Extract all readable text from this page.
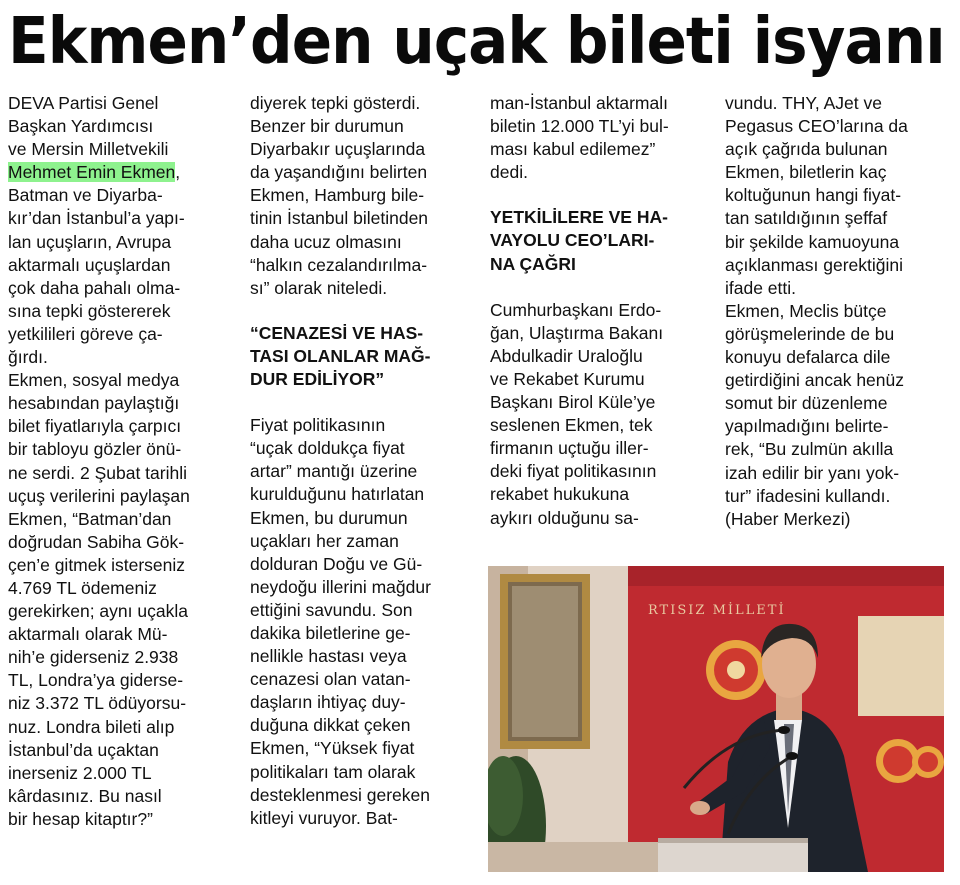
Ekmen’den uçak bileti isyanı

DEVA Partisi Genel
Başkan Yardımcısı
ve Mersin Milletvekili
Mehmet Emin Ekmen,
Batman ve Diyarba-
kır’dan İstanbul’a yapı-
lan uçuşların, Avrupa
aktarmalı uçuşlardan
çok daha pahalı olma-
sına tepki göstererek
yetkilileri göreve ça-
ğırdı.

Ekmen, sosyal medya
hesabından paylaştığı
bilet fiyatlarıyla çarpıcı
bir tabloyu gözler önü-
ne serdi. 2 Şubat tarihli
uçuş verilerini paylaşan
Ekmen, “Batman’dan
doğrudan Sabiha Gök-
çen’e gitmek isterseniz
4.769 TL ödemeniz
gerekirken; aynı uçakla
aktarmalı olarak Mü-
nih’e giderseniz 2.938
TL, Londra’ya giderse-
niz 3.372 TL ödüyorsu-
nuz. Londra bileti alıp
İstanbul’da uçaktan
inerseniz 2.000 TL
kârdasınız. Bu nasıl
bir hesap kitaptır?”

diyerek tepki gösterdi.
Benzer bir durumun
Diyarbakır uçuşlarında
da yaşandığını belirten
Ekmen, Hamburg bile-
tinin İstanbul biletinden
daha ucuz olmasını
“halkın cezalandırılma-
sı” olarak niteledi.

“CENAZESİ VE HAS-
TASI OLANLAR MAĞ-
DUR EDİLİYOR”

Fiyat politikasının
“uçak doldukça fiyat
artar” mantığı üzerine
kurulduğunu hatırlatan
Ekmen, bu durumun
uçakları her zaman
dolduran Doğu ve Gü-
neydoğu illerini mağdur
ettiğini savundu. Son
dakika biletlerine ge-
nellikle hastası veya
cenazesi olan vatan-
daşların ihtiyaç duy-
duğuna dikkat çeken
Ekmen, “Yüksek fiyat
politikaları tam olarak
desteklenmesi gereken
kitleyi vuruyor. Bat-

man-İstanbul aktarmalı
biletin 12.000 TL’yi bul-
ması kabul edilemez”
dedi.

YETKİLİLERE VE HA-
VAYOLU CEO’LARI-
NA ÇAĞRI

Cumhurbaşkanı Erdo-
ğan, Ulaştırma Bakanı
Abdulkadir Uraloğlu
ve Rekabet Kurumu
Başkanı Birol Küle’ye
seslenen Ekmen, tek
firmanın uçtuğu iller-
deki fiyat politikasının
rekabet hukukuna
aykırı olduğunu sa-

vundu. THY, AJet ve
Pegasus CEO’larına da
açık çağrıda bulunan
Ekmen, biletlerin kaç
koltuğunun hangi fiyat-
tan satıldığının şeffaf
bir şekilde kamuoyuna
açıklanması gerektiğini
ifade etti.

Ekmen, Meclis bütçe
görüşmelerinde de bu
konuyu defalarca dile
getirdiğini ancak henüz
somut bir düzenleme
yapılmadığını belirte-
rek, “Bu zulmün akılla
izah edilir bir yanı yok-
tur” ifadesini kullandı.
(Haber Merkezi)

RTISIZ MİLLETİ
